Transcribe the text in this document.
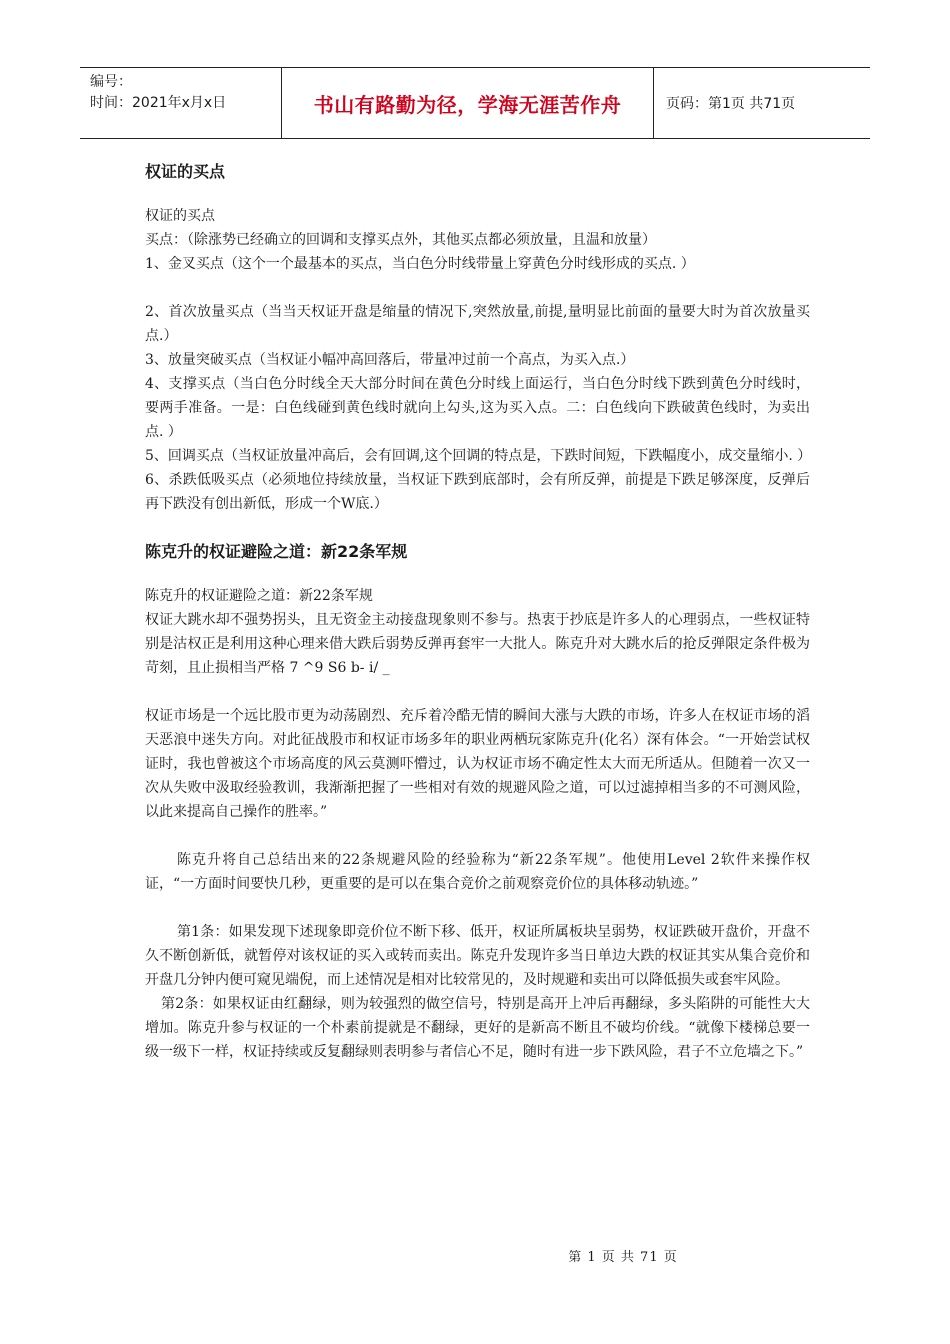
编号：
时间：2021年x月x日	书山有路勤为径，学海无涯苦作舟	页码：第1页 共71页
权证的买点

权证的买点

买点：（除涨势已经确立的回调和支撑买点外，其他买点都必须放量，且温和放量）

1、金叉买点（这个一个最基本的买点，当白色分时线带量上穿黄色分时线形成的买点. ）

2、首次放量买点（当当天权证开盘是缩量的情况下,突然放量,前提,量明显比前面的量要大时为首次放量买点.）

3、放量突破买点（当权证小幅冲高回落后，带量冲过前一个高点，为买入点.）

4、支撑买点（当白色分时线全天大部分时间在黄色分时线上面运行，当白色分时线下跌到黄色分时线时，要两手准备。一是：白色线碰到黄色线时就向上勾头,这为买入点。二：白色线向下跌破黄色线时，为卖出点. ）

5、回调买点（当权证放量冲高后，会有回调,这个回调的特点是，下跌时间短，下跌幅度小，成交量缩小. ）

6、杀跌低吸买点（必须地位持续放量，当权证下跌到底部时，会有所反弹，前提是下跌足够深度，反弹后再下跌没有创出新低，形成一个W底.）

陈克升的权证避险之道：新22条军规

陈克升的权证避险之道：新22条军规

权证大跳水却不强势拐头，且无资金主动接盘现象则不参与。热衷于抄底是许多人的心理弱点，一些权证特别是沽权正是利用这种心理来借大跌后弱势反弹再套牢一大批人。陈克升对大跳水后的抢反弹限定条件极为苛刻，且止损相当严格 7 ^9 S6 b- i/ _

权证市场是一个远比股市更为动荡剧烈、充斥着冷酷无情的瞬间大涨与大跌的市场，许多人在权证市场的滔天恶浪中迷失方向。对此征战股市和权证市场多年的职业两栖玩家陈克升(化名）深有体会。“一开始尝试权证时，我也曾被这个市场高度的风云莫测吓懵过，认为权证市场不确定性太大而无所适从。但随着一次又一次从失败中汲取经验教训，我渐渐把握了一些相对有效的规避风险之道，可以过滤掉相当多的不可测风险，以此来提高自己操作的胜率。”

陈克升将自己总结出来的22条规避风险的经验称为“新22条军规”。他使用Level 2软件来操作权证，“一方面时间要快几秒，更重要的是可以在集合竞价之前观察竞价位的具体移动轨迹。”

第1条：如果发现下述现象即竞价位不断下移、低开，权证所属板块呈弱势，权证跌破开盘价，开盘不久不断创新低，就暂停对该权证的买入或转而卖出。陈克升发现许多当日单边大跌的权证其实从集合竞价和开盘几分钟内便可窥见端倪，而上述情况是相对比较常见的，及时规避和卖出可以降低损失或套牢风险。

第2条：如果权证由红翻绿，则为较强烈的做空信号，特别是高开上冲后再翻绿，多头陷阱的可能性大大增加。陈克升参与权证的一个朴素前提就是不翻绿，更好的是新高不断且不破均价线。“就像下楼梯总要一级一级下一样，权证持续或反复翻绿则表明参与者信心不足，随时有进一步下跌风险，君子不立危墙之下。”

第 1 页 共 71 页
